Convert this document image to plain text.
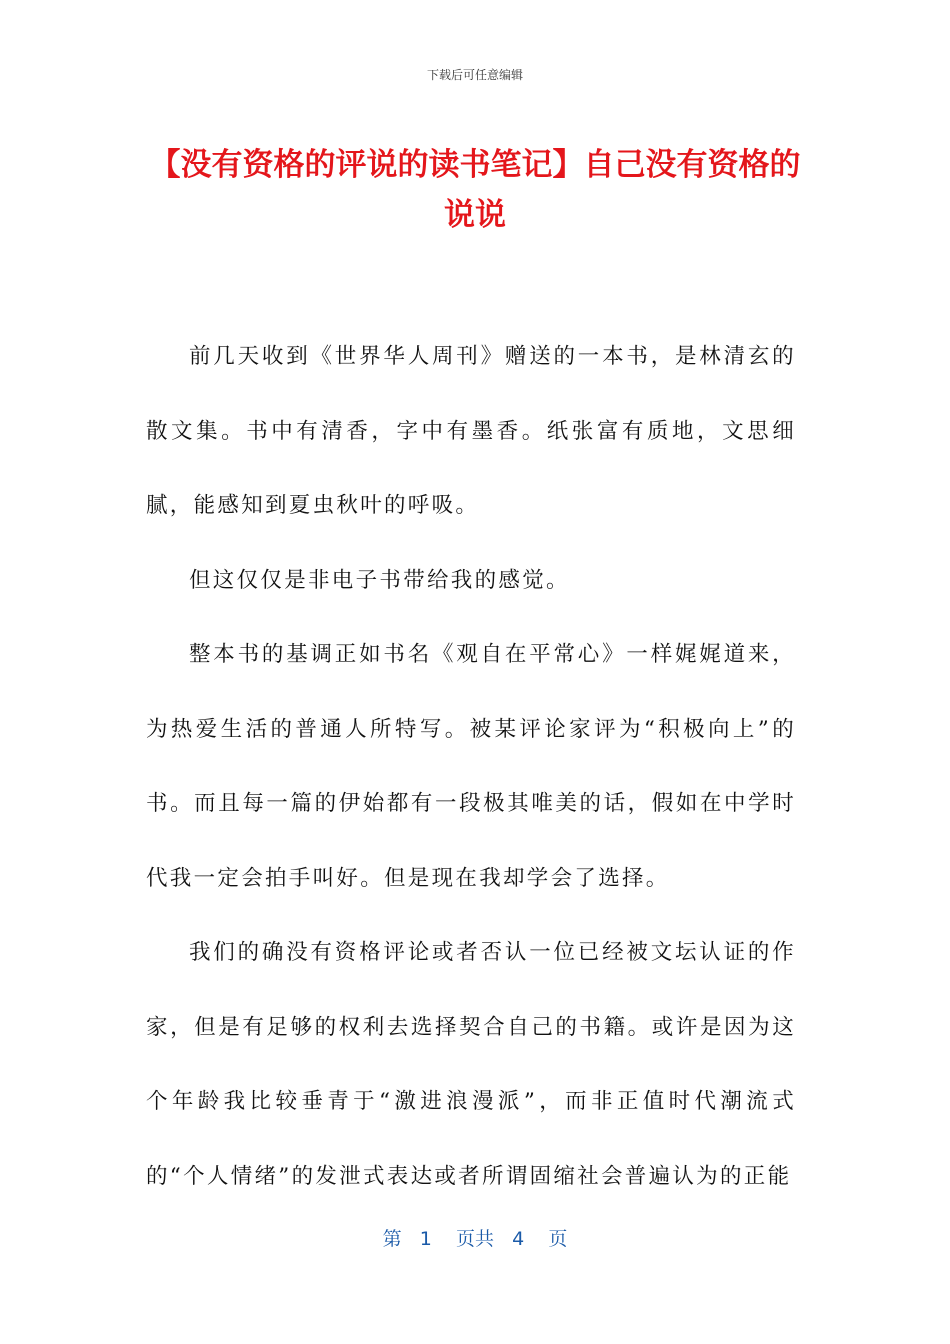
下载后可任意编辑
【没有资格的评说的读书笔记】自己没有资格的说说

前几天收到《世界华人周刊》赠送的一本书，是林清玄的散文集。书中有清香，字中有墨香。纸张富有质地，文思细腻，能感知到夏虫秋叶的呼吸。

但这仅仅是非电子书带给我的感觉。

整本书的基调正如书名《观自在平常心》一样娓娓道来，为热爱生活的普通人所特写。被某评论家评为“积极向上”的书。而且每一篇的伊始都有一段极其唯美的话，假如在中学时代我一定会拍手叫好。但是现在我却学会了选择。

我们的确没有资格评论或者否认一位已经被文坛认证的作家，但是有足够的权利去选择契合自己的书籍。或许是因为这个年龄我比较垂青于“激进浪漫派”，而非正值时代潮流式的“个人情绪”的发泄式表达或者所谓固缩社会普遍认为的正能

第 1 页共 4 页
